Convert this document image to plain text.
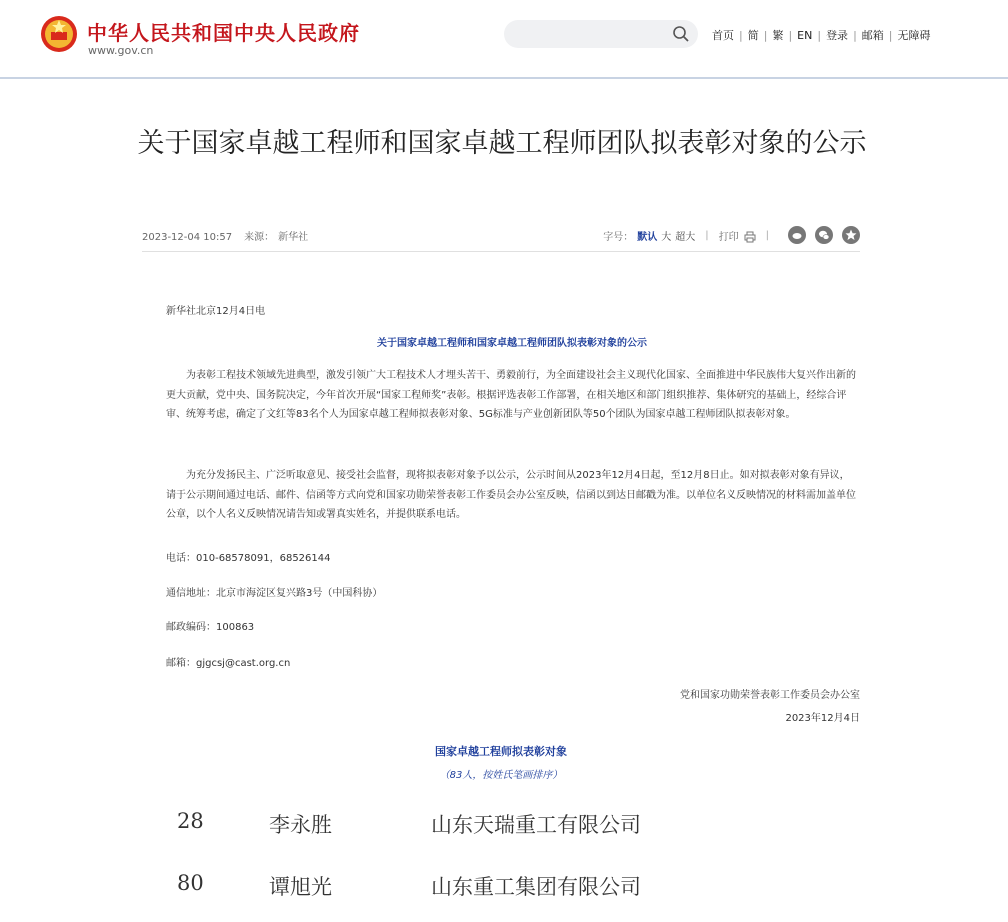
中华人民共和国中央人民政府
www.gov.cn
首页 | 简 | 繁 | EN | 登录 | 邮箱 | 无障碍
关于国家卓越工程师和国家卓越工程师团队拟表彰对象的公示
2023-12-04 10:57 来源： 新华社	字号： 默认 大 超大 | 打印	|
新华社北京12月4日电
关于国家卓越工程师和国家卓越工程师团队拟表彰对象的公示

为表彰工程技术领域先进典型，激发引领广大工程技术人才埋头苦干、勇毅前行，为全面建设社会主义现代化国家、全面推进中华民族伟大复兴作出新的更大贡献，党中央、国务院决定，今年首次开展“国家工程师奖”表彰。根据评选表彰工作部署，在相关地区和部门组织推荐、集体研究的基础上，经综合评审、统筹考虑，确定了文红等83名个人为国家卓越工程师拟表彰对象、5G标准与产业创新团队等50个团队为国家卓越工程师团队拟表彰对象。

为充分发扬民主、广泛听取意见、接受社会监督，现将拟表彰对象予以公示，公示时间从2023年12月4日起，至12月8日止。如对拟表彰对象有异议，请于公示期间通过电话、邮件、信函等方式向党和国家功勋荣誉表彰工作委员会办公室反映，信函以到达日邮戳为准。以单位名义反映情况的材料需加盖单位公章，以个人名义反映情况请告知或署真实姓名，并提供联系电话。

电话：010-68578091，68526144
通信地址：北京市海淀区复兴路3号（中国科协）
邮政编码：100863
邮箱：gjgcsj@cast.org.cn
党和国家功勋荣誉表彰工作委员会办公室
2023年12月4日
国家卓越工程师拟表彰对象
（83人，按姓氏笔画排序）
28	李永胜	山东天瑞重工有限公司
80	谭旭光	山东重工集团有限公司
